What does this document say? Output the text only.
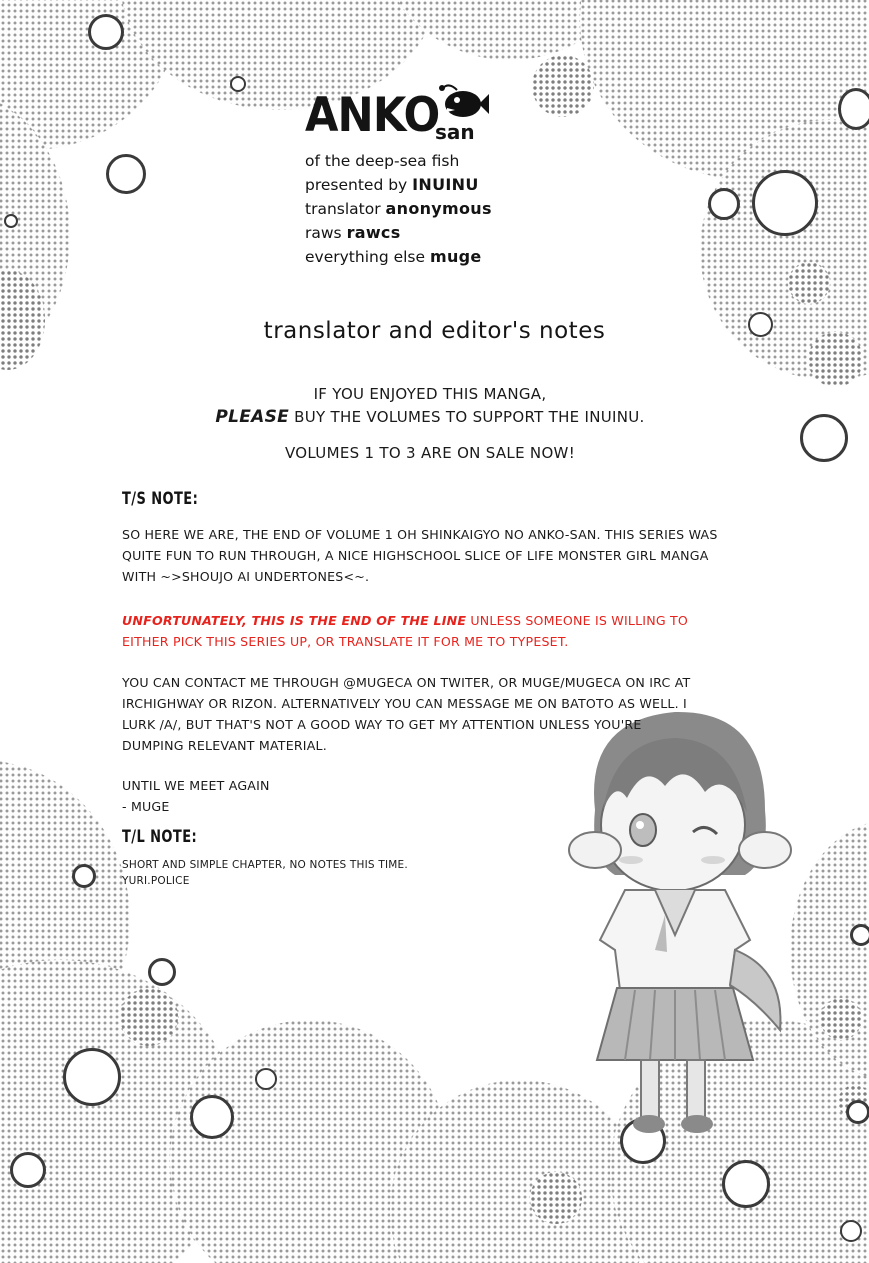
ANKO
san
of the deep-sea fish
presented by INUINU
translator anonymous
raws rawcs
everything else muge
translator and editor's notes
IF YOU ENJOYED THIS MANGA,
PLEASE BUY THE VOLUMES TO SUPPORT THE INUINU.
VOLUMES 1 TO 3 ARE ON SALE NOW!
T/S NOTE:
SO HERE WE ARE, THE END OF VOLUME 1 OH SHINKAIGYO NO ANKO-SAN. THIS SERIES WAS QUITE FUN TO RUN THROUGH, A NICE HIGHSCHOOL SLICE OF LIFE MONSTER GIRL MANGA WITH ~>SHOUJO AI UNDERTONES<~.
UNFORTUNATELY, THIS IS THE END OF THE LINE UNLESS SOMEONE IS WILLING TO EITHER PICK THIS SERIES UP, OR TRANSLATE IT FOR ME TO TYPESET.
YOU CAN CONTACT ME THROUGH @MUGECA ON TWITER, OR MUGE/MUGECA ON IRC AT IRCHIGHWAY OR RIZON. ALTERNATIVELY YOU CAN MESSAGE ME ON BATOTO AS WELL. I LURK /A/, BUT THAT'S NOT A GOOD WAY TO GET MY ATTENTION UNLESS YOU'RE DUMPING RELEVANT MATERIAL.
UNTIL WE MEET AGAIN
- MUGE
T/L NOTE:
SHORT AND SIMPLE CHAPTER, NO NOTES THIS TIME.
YURI.POLICE
